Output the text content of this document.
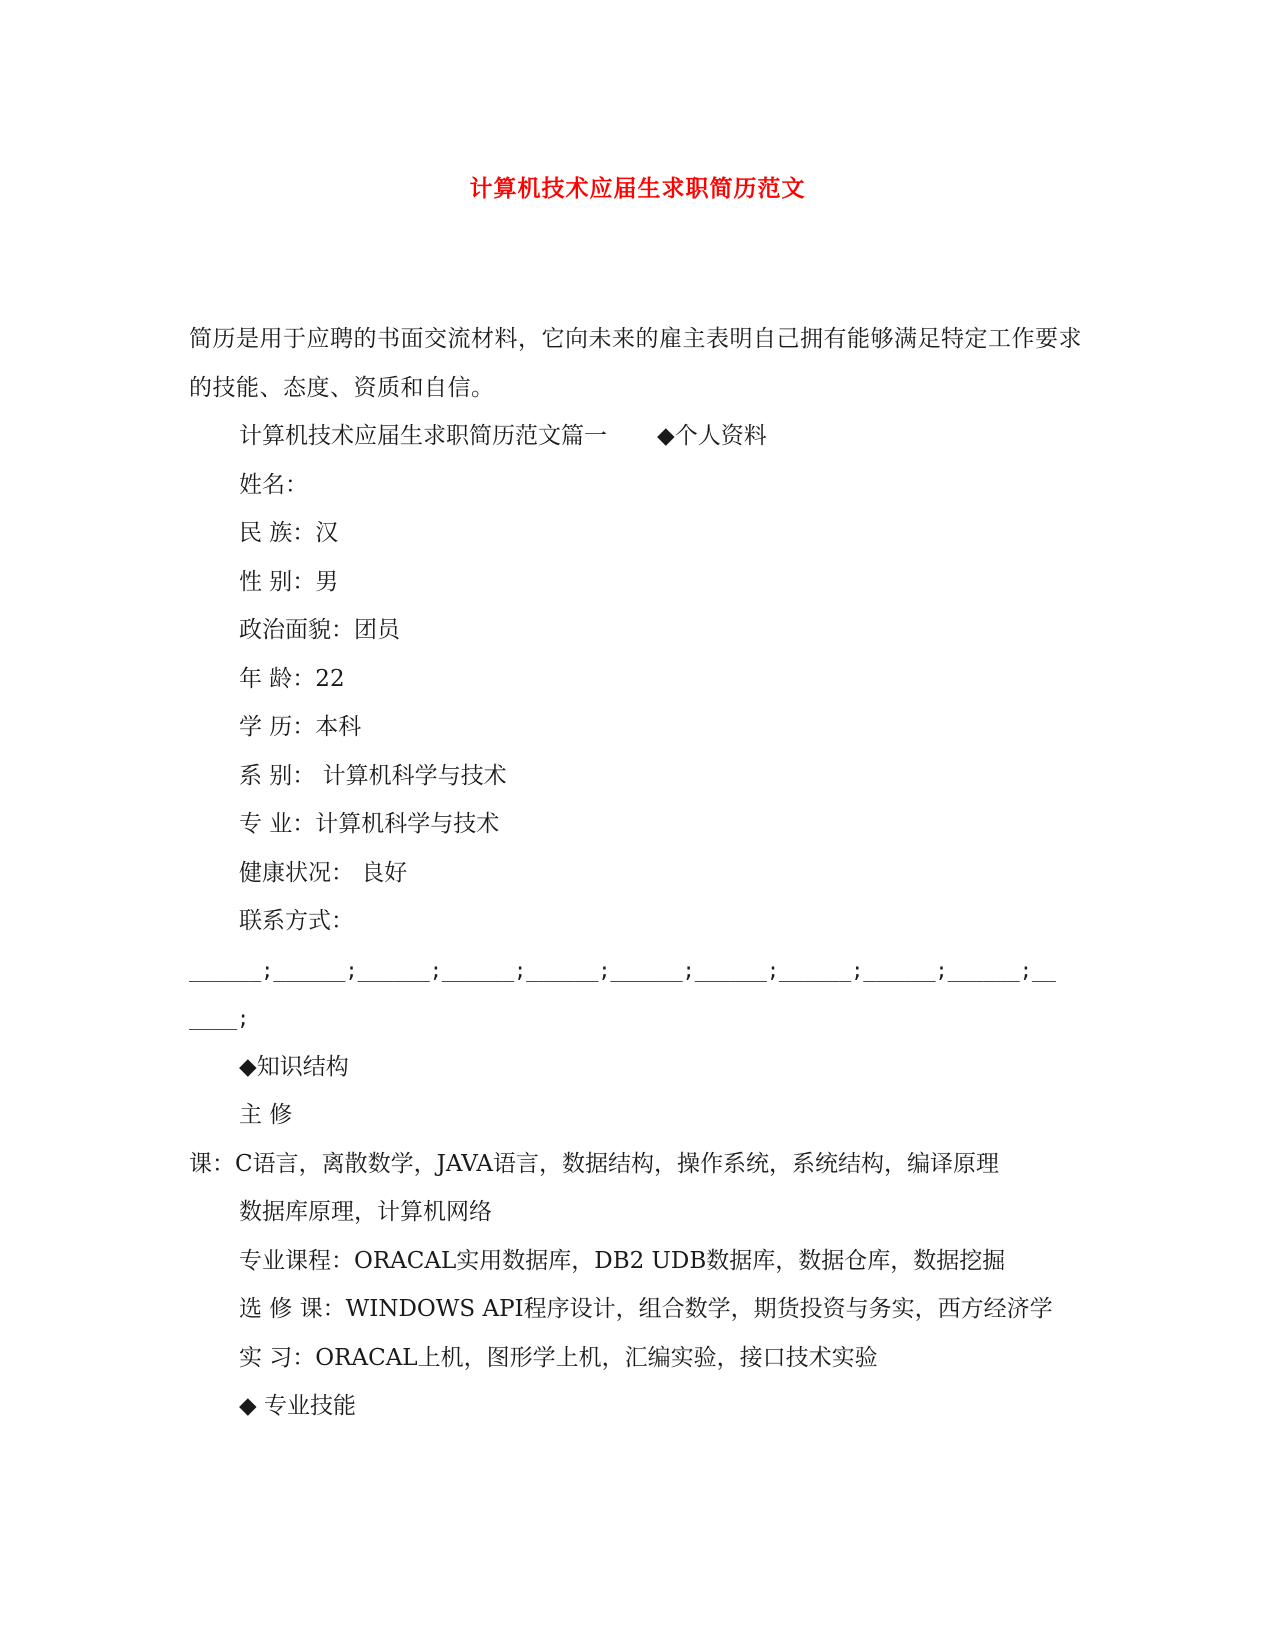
计算机技术应届生求职简历范文
简历是用于应聘的书面交流材料，它向未来的雇主表明自己拥有能够满足特定工作要求的技能、态度、资质和自信。
计算机技术应届生求职简历范文篇一 ◆个人资料
姓名：
民 族：汉
性 别：男
政治面貌：团员
年 龄：22
学 历：本科
系 别： 计算机科学与技术
专 业：计算机科学与技术
健康状况： 良好
联系方式：
______;______;______;______;______;______;______;______;______;______;__
____;
◆知识结构
主 修
课：C语言，离散数学，JAVA语言，数据结构，操作系统，系统结构，编译原理
数据库原理，计算机网络
专业课程：ORACAL实用数据库，DB2 UDB数据库，数据仓库，数据挖掘
选 修 课：WINDOWS API程序设计，组合数学，期货投资与务实，西方经济学
实 习：ORACAL上机，图形学上机，汇编实验，接口技术实验
◆ 专业技能
